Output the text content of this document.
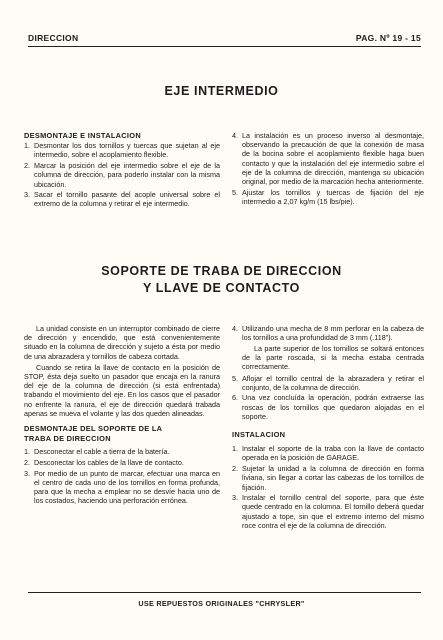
DIRECCION	PAG. Nº 19 - 15
EJE INTERMEDIO
DESMONTAJE E INSTALACION
1. Desmontar los dos tornillos y tuercas que sujetan al eje intermedio, sobre el acoplamiento flexible.
2. Marcar la posición del eje intermedio sobre el eje de la columna de dirección, para poderlo instalar con la misma ubicación.
3. Sacar el tornillo pasante del acople universal sobre el extremo de la columna y retirar el eje intermedio.
4. La instalación es un proceso inverso al desmontaje, observando la precaución de que la conexión de masa de la bocina sobre el acoplamiento flexible haga buen contacto y que la instalación del eje intermedio sobre el eje de la columna de dirección, mantenga su ubicación original, por medio de la marcación hecha anteriormente.
5. Ajustar los tornillos y tuercas de fijación del eje intermedio a 2,07 kg/m (15 lbs/pie).
SOPORTE DE TRABA DE DIRECCION
Y LLAVE DE CONTACTO

La unidad consiste en un interruptor combinado de cierre de dirección y encendido, que está convenientemente situado en la columna de dirección y sujeto a ésta por medio de una abrazadera y tornillos de cabeza cortada.

Cuando se retira la llave de contacto en la posición de STOP, ésta deja suelto un pasador que encaja en la ranura del eje de la columna de dirección (si está enfrentada) trabando el movimiento del eje. En los casos que el pasador no enfrente la ranura, el eje de dirección quedará trabada apenas se mueva el volante y las dos queden alineadas.

DESMONTAJE DEL SOPORTE DE LA
TRABA DE DIRECCION
1. Desconectar el cable a tierra de la batería.
2. Desconectar los cables de la llave de contacto.
3. Por medio de un punto de marcar, efectuar una marca en el centro de cada uno de los tornillos en forma profunda, para que la mecha a emplear no se desvíe hacia uno de los costados, haciendo una perforación errónea.
4. Utilizando una mecha de 8 mm perforar en la cabeza de los tornillos a una profundidad de 3 mm (.118").

La parte superior de los tornillos se soltará entonces de la parte roscada, si la mecha estaba centrada correctamente.

5. Aflojar el tornillo central de la abrazadera y retirar el conjunto, de la columna de dirección.
6. Una vez concluída la operación, podrán extraerse las roscas de los tornillos que quedaron alojadas en el soporte.
INSTALACION
1. Instalar el soporte de la traba con la llave de contacto operada en la posición de GARAGE.
2. Sujetar la unidad a la columna de dirección en forma liviana, sin llegar a cortar las cabezas de los tornillos de fijación.
3. Instalar el tornillo central del soporte, para que éste quede centrado en la columna. El tornillo deberá quedar ajustado a tope, sin que el extremo interno del mismo roce contra el eje de la columna de dirección.
USE REPUESTOS ORIGINALES "CHRYSLER"
